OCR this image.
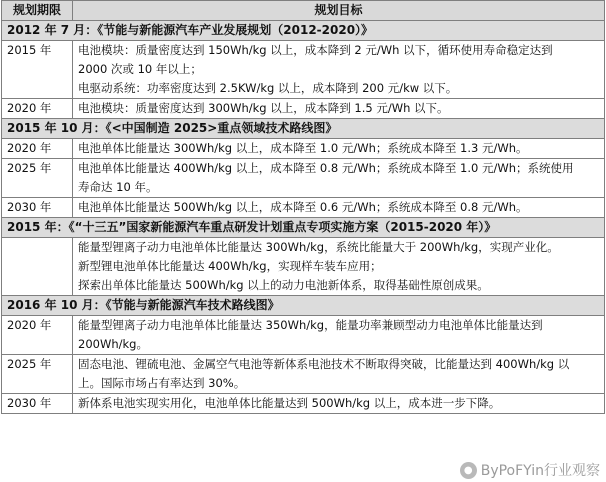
规划期限	规划目标
2012 年 7 月：《节能与新能源汽车产业发展规划（2012-2020）》	
2015 年	电池模块：质量密度达到 150Wh/kg 以上，成本降到 2 元/Wh 以下，循环使用寿命稳定达到
2000 次或 10 年以上；
电驱动系统：功率密度达到 2.5KW/kg 以上，成本降到 200 元/kw 以下。

2020 年	电池模块：质量密度达到 300Wh/kg 以上，成本降到 1.5 元/Wh 以下。

2015 年 10 月：《<中国制造 2025>重点领域技术路线图》	
2020 年	电池单体比能量达 300Wh/kg 以上，成本降至 1.0 元/Wh；系统成本降至 1.3 元/Wh。

2025 年	电池单体比能量达 400Wh/kg 以上，成本降至 0.8 元/Wh；系统成本降至 1.0 元/Wh；系统使用
寿命达 10 年。

2030 年	电池单体比能量达 500Wh/kg 以上，成本降至 0.6 元/Wh；系统成本降至 0.8 元/Wh。

2015 年：《“十三五”国家新能源汽车重点研发计划重点专项实施方案（2015-2020 年）》	

	能量型锂离子动力电池单体比能量达 300Wh/kg，系统比能量大于 200Wh/kg，实现产业化。
新型锂电池单体比能量达 400Wh/kg，实现样车装车应用；
探索出单体比能量达 500Wh/kg 以上的动力电池新体系，取得基础性原创成果。

2016 年 10 月：《节能与新能源汽车技术路线图》	
2020 年	能量型锂离子动力电池单体比能量达 350Wh/kg，能量功率兼顾型动力电池单体比能量达到
200Wh/kg。

2025 年	固态电池、锂硫电池、金属空气电池等新体系电池技术不断取得突破，比能量达到 400Wh/kg 以
上。国际市场占有率达到 30%。

2030 年	新体系电池实现实用化，电池单体比能量达到 500Wh/kg 以上，成本进一步下降。
● ByPoFYin行业观察
